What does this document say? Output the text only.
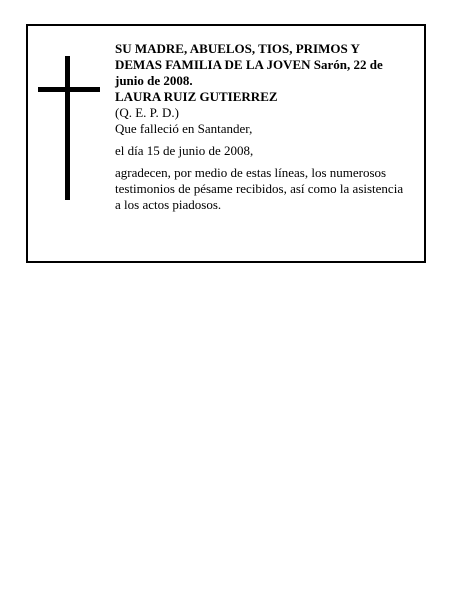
SU MADRE, ABUELOS, TIOS, PRIMOS Y
DEMAS FAMILIA DE LA JOVEN Sarón, 22 de
junio de 2008.
LAURA RUIZ GUTIERREZ
(Q. E. P. D.)
Que falleció en Santander,
el día 15 de junio de 2008,
agradecen, por medio de estas líneas, los numerosos
testimonios de pésame recibidos, así como la asistencia
a los actos piadosos.
